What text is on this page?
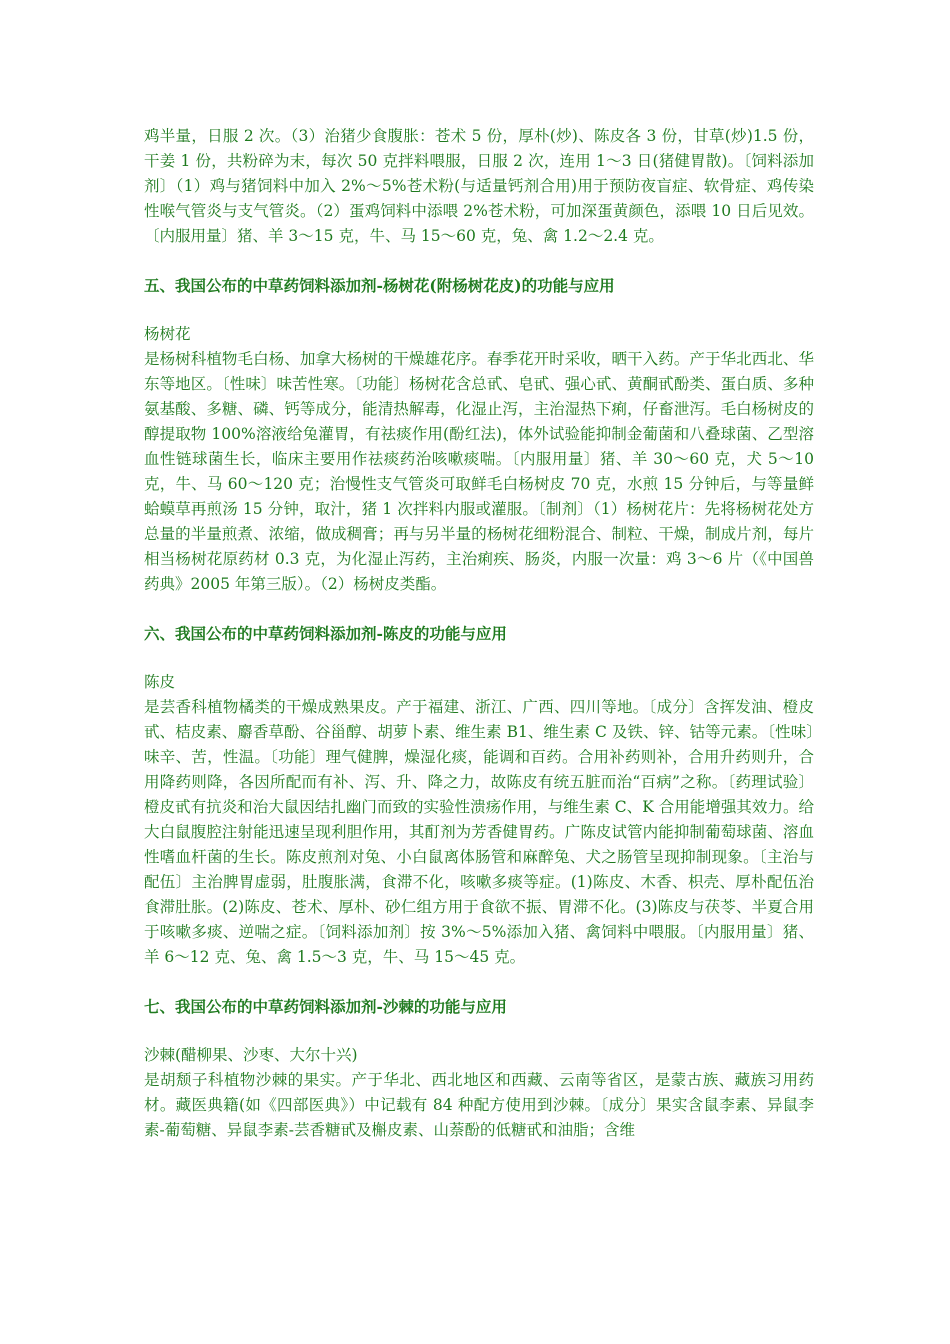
鸡半量，日服 2 次。（3）治猪少食腹胀：苍术 5 份，厚朴(炒)、陈皮各 3 份，甘草(炒)1.5 份，干姜 1 份，共粉碎为末，每次 50 克拌料喂服，日服 2 次，连用 1～3 日(猪健胃散)。〔饲料添加剂〕（1）鸡与猪饲料中加入 2%～5%苍术粉(与适量钙剂合用)用于预防夜盲症、软骨症、鸡传染性喉气管炎与支气管炎。（2）蛋鸡饲料中添喂 2%苍术粉，可加深蛋黄颜色，添喂 10 日后见效。〔内服用量〕猪、羊 3～15 克，牛、马 15～60 克，兔、禽 1.2～2.4 克。

五、我国公布的中草药饲料添加剂-杨树花(附杨树花皮)的功能与应用

杨树花

是杨树科植物毛白杨、加拿大杨树的干燥雄花序。春季花开时采收，晒干入药。产于华北西北、华东等地区。〔性味〕味苦性寒。〔功能〕杨树花含总甙、皂甙、强心甙、黄酮甙酚类、蛋白质、多种氨基酸、多糖、磷、钙等成分，能清热解毒，化湿止泻，主治湿热下痢，仔畜泄泻。毛白杨树皮的醇提取物 100%溶液给兔灌胃，有祛痰作用(酚红法)，体外试验能抑制金葡菌和八叠球菌、乙型溶血性链球菌生长，临床主要用作祛痰药治咳嗽痰喘。〔内服用量〕猪、羊 30～60 克，犬 5～10 克，牛、马 60～120 克；治慢性支气管炎可取鲜毛白杨树皮 70 克，水煎 15 分钟后，与等量鲜蛤蟆草再煎汤 15 分钟，取汁，猪 1 次拌料内服或灌服。〔制剂〕（1）杨树花片：先将杨树花处方总量的半量煎煮、浓缩，做成稠膏；再与另半量的杨树花细粉混合、制粒、干燥，制成片剂，每片相当杨树花原药材 0.3 克，为化湿止泻药，主治痢疾、肠炎，内服一次量：鸡 3～6 片（《中国兽药典》2005 年第三版）。（2）杨树皮类酯。

六、我国公布的中草药饲料添加剂-陈皮的功能与应用

陈皮

是芸香科植物橘类的干燥成熟果皮。产于福建、浙江、广西、四川等地。〔成分〕含挥发油、橙皮甙、桔皮素、麝香草酚、谷甾醇、胡萝卜素、维生素 B1、维生素 C 及铁、锌、钴等元素。〔性味〕味辛、苦，性温。〔功能〕理气健脾，燥湿化痰，能调和百药。合用补药则补，合用升药则升，合用降药则降，各因所配而有补、泻、升、降之力，故陈皮有统五脏而治“百病”之称。〔药理试验〕橙皮甙有抗炎和治大鼠因结扎幽门而致的实验性溃疡作用，与维生素 C、K 合用能增强其效力。给大白鼠腹腔注射能迅速呈现利胆作用，其酊剂为芳香健胃药。广陈皮试管内能抑制葡萄球菌、溶血性嗜血杆菌的生长。陈皮煎剂对兔、小白鼠离体肠管和麻醉兔、犬之肠管呈现抑制现象。〔主治与配伍〕主治脾胃虚弱，肚腹胀满，食滞不化，咳嗽多痰等症。(1)陈皮、木香、枳壳、厚朴配伍治食滞肚胀。(2)陈皮、苍术、厚朴、砂仁组方用于食欲不振、胃滞不化。(3)陈皮与茯苓、半夏合用于咳嗽多痰、逆喘之症。〔饲料添加剂〕按 3%～5%添加入猪、禽饲料中喂服。〔内服用量〕猪、羊 6～12 克、兔、禽 1.5～3 克，牛、马 15～45 克。

七、我国公布的中草药饲料添加剂-沙棘的功能与应用

沙棘(醋柳果、沙枣、大尔十兴)

是胡颓子科植物沙棘的果实。产于华北、西北地区和西藏、云南等省区，是蒙古族、藏族习用药材。藏医典籍(如《四部医典》）中记载有 84 种配方使用到沙棘。〔成分〕果实含鼠李素、异鼠李素-葡萄糖、异鼠李素-芸香糖甙及槲皮素、山萘酚的低糖甙和油脂；含维
